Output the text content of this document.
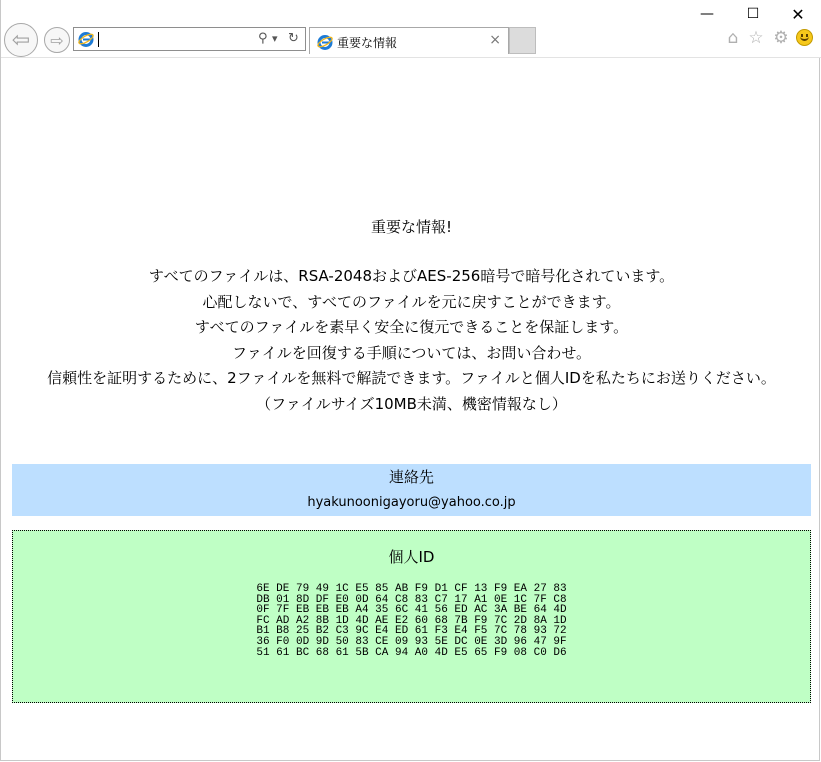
⇦ ⇨	⚲ ▾ ↻	重要な情報	×
— ☐ ✕
⌂ ☆ ⚙
重要な情報!
すべてのファイルは、RSA-2048およびAES-256暗号で暗号化されています。
心配しないで、すべてのファイルを元に戻すことができます。
すべてのファイルを素早く安全に復元できることを保証します。
ファイルを回復する手順については、お問い合わせ。
信頼性を証明するために、2ファイルを無料で解読できます。ファイルと個人IDを私たちにお送りください。
（ファイルサイズ10MB未満、機密情報なし）
連絡先
hyakunoonigayoru@yahoo.co.jp
個人ID
6E DE 79 49 1C E5 85 AB F9 D1 CF 13 F9 EA 27 83
DB 01 8D DF E0 0D 64 C8 83 C7 17 A1 0E 1C 7F C8
0F 7F EB EB EB A4 35 6C 41 56 ED AC 3A BE 64 4D
FC AD A2 8B 1D 4D AE E2 60 68 7B F9 7C 2D 8A 1D
B1 B8 25 B2 C3 9C E4 ED 61 F3 E4 F5 7C 78 93 72
36 F0 0D 9D 50 83 CE 09 93 5E DC 0E 3D 96 47 9F
51 61 BC 68 61 5B CA 94 A0 4D E5 65 F9 08 C0 D6
